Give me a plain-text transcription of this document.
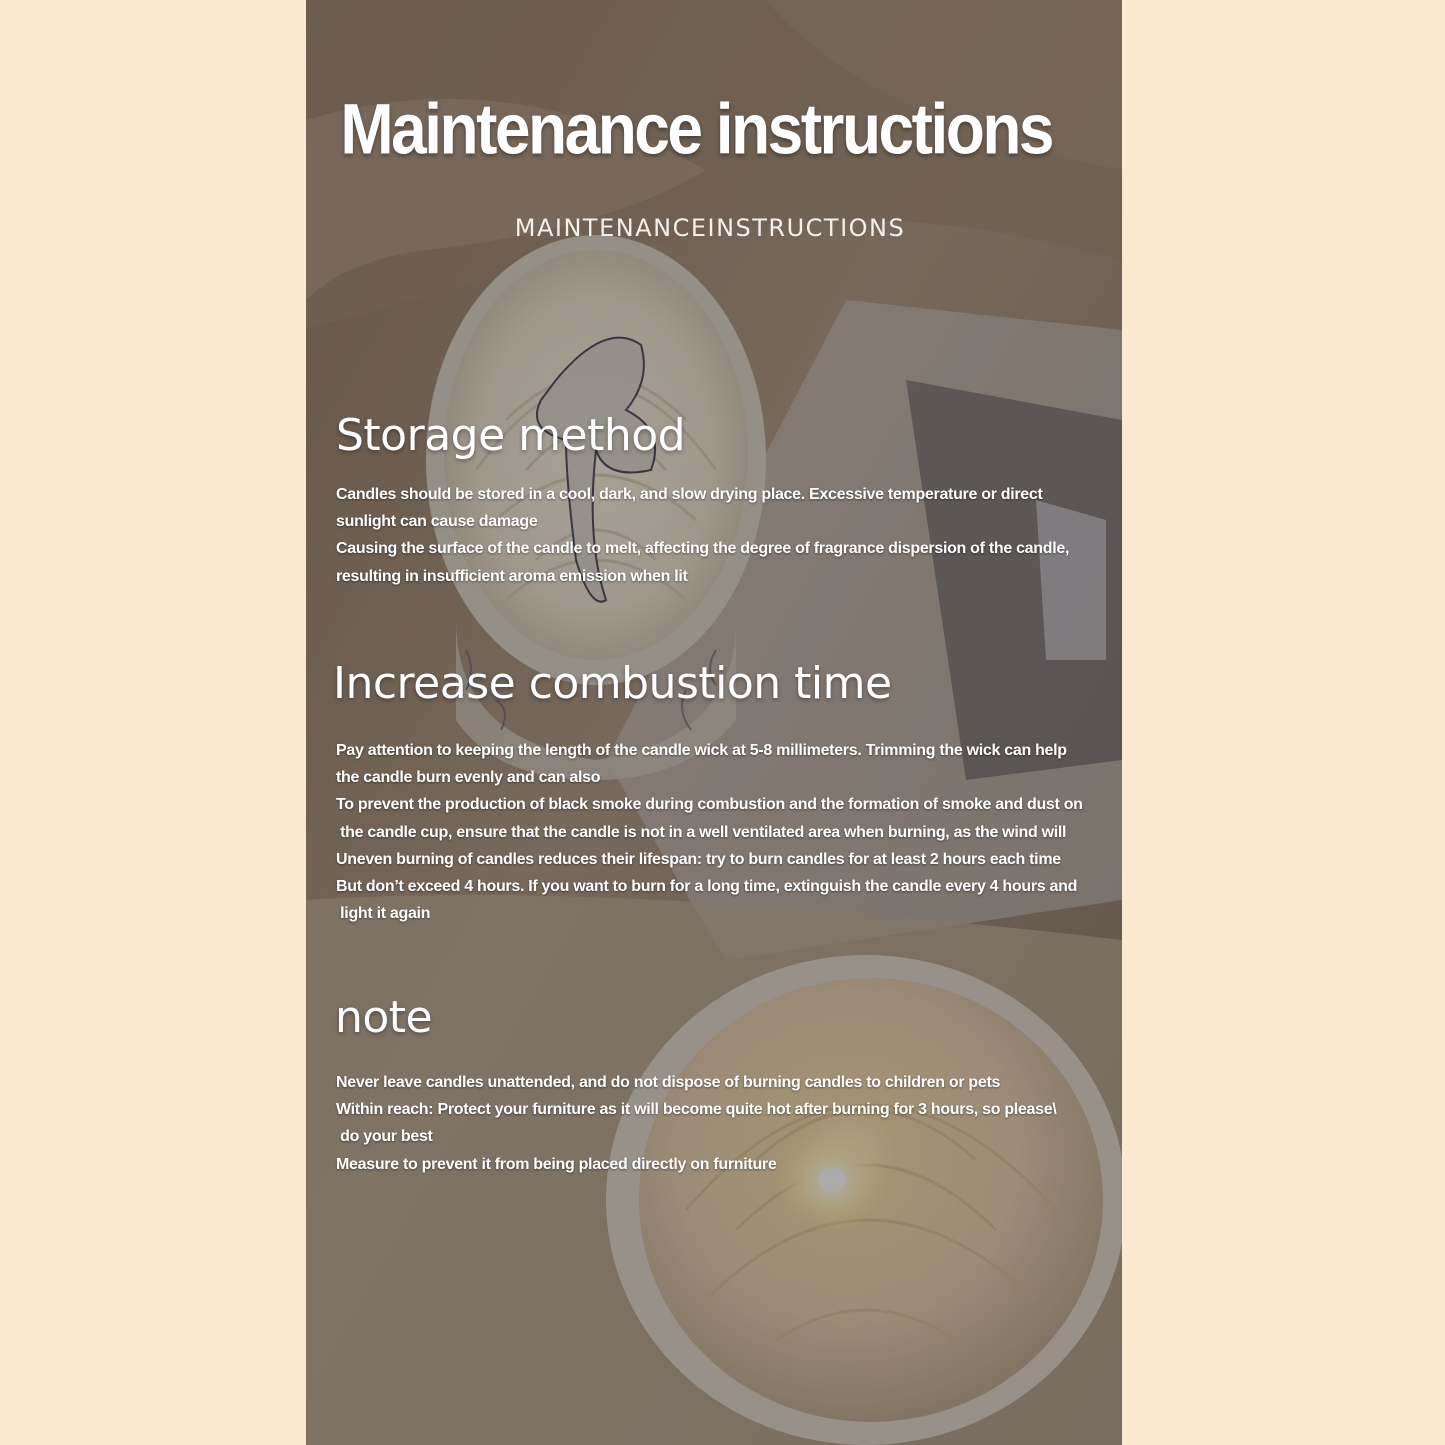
Maintenance instructions
MAINTENANCEINSTRUCTIONS
Storage method

Candles should be stored in a cool, dark, and slow drying place. Excessive temperature or direct

sunlight can cause damage

Causing the surface of the candle to melt, affecting the degree of fragrance dispersion of the candle,

resulting in insufficient aroma emission when lit

Increase combustion time

Pay attention to keeping the length of the candle wick at 5-8 millimeters. Trimming the wick can help

the candle burn evenly and can also

To prevent the production of black smoke during combustion and the formation of smoke and dust on

the candle cup, ensure that the candle is not in a well ventilated area when burning, as the wind will

Uneven burning of candles reduces their lifespan: try to burn candles for at least 2 hours each time

But don’t exceed 4 hours. If you want to burn for a long time, extinguish the candle every 4 hours and

light it again

note

Never leave candles unattended, and do not dispose of burning candles to children or pets

Within reach: Protect your furniture as it will become quite hot after burning for 3 hours, so please\

do your best

Measure to prevent it from being placed directly on furniture
